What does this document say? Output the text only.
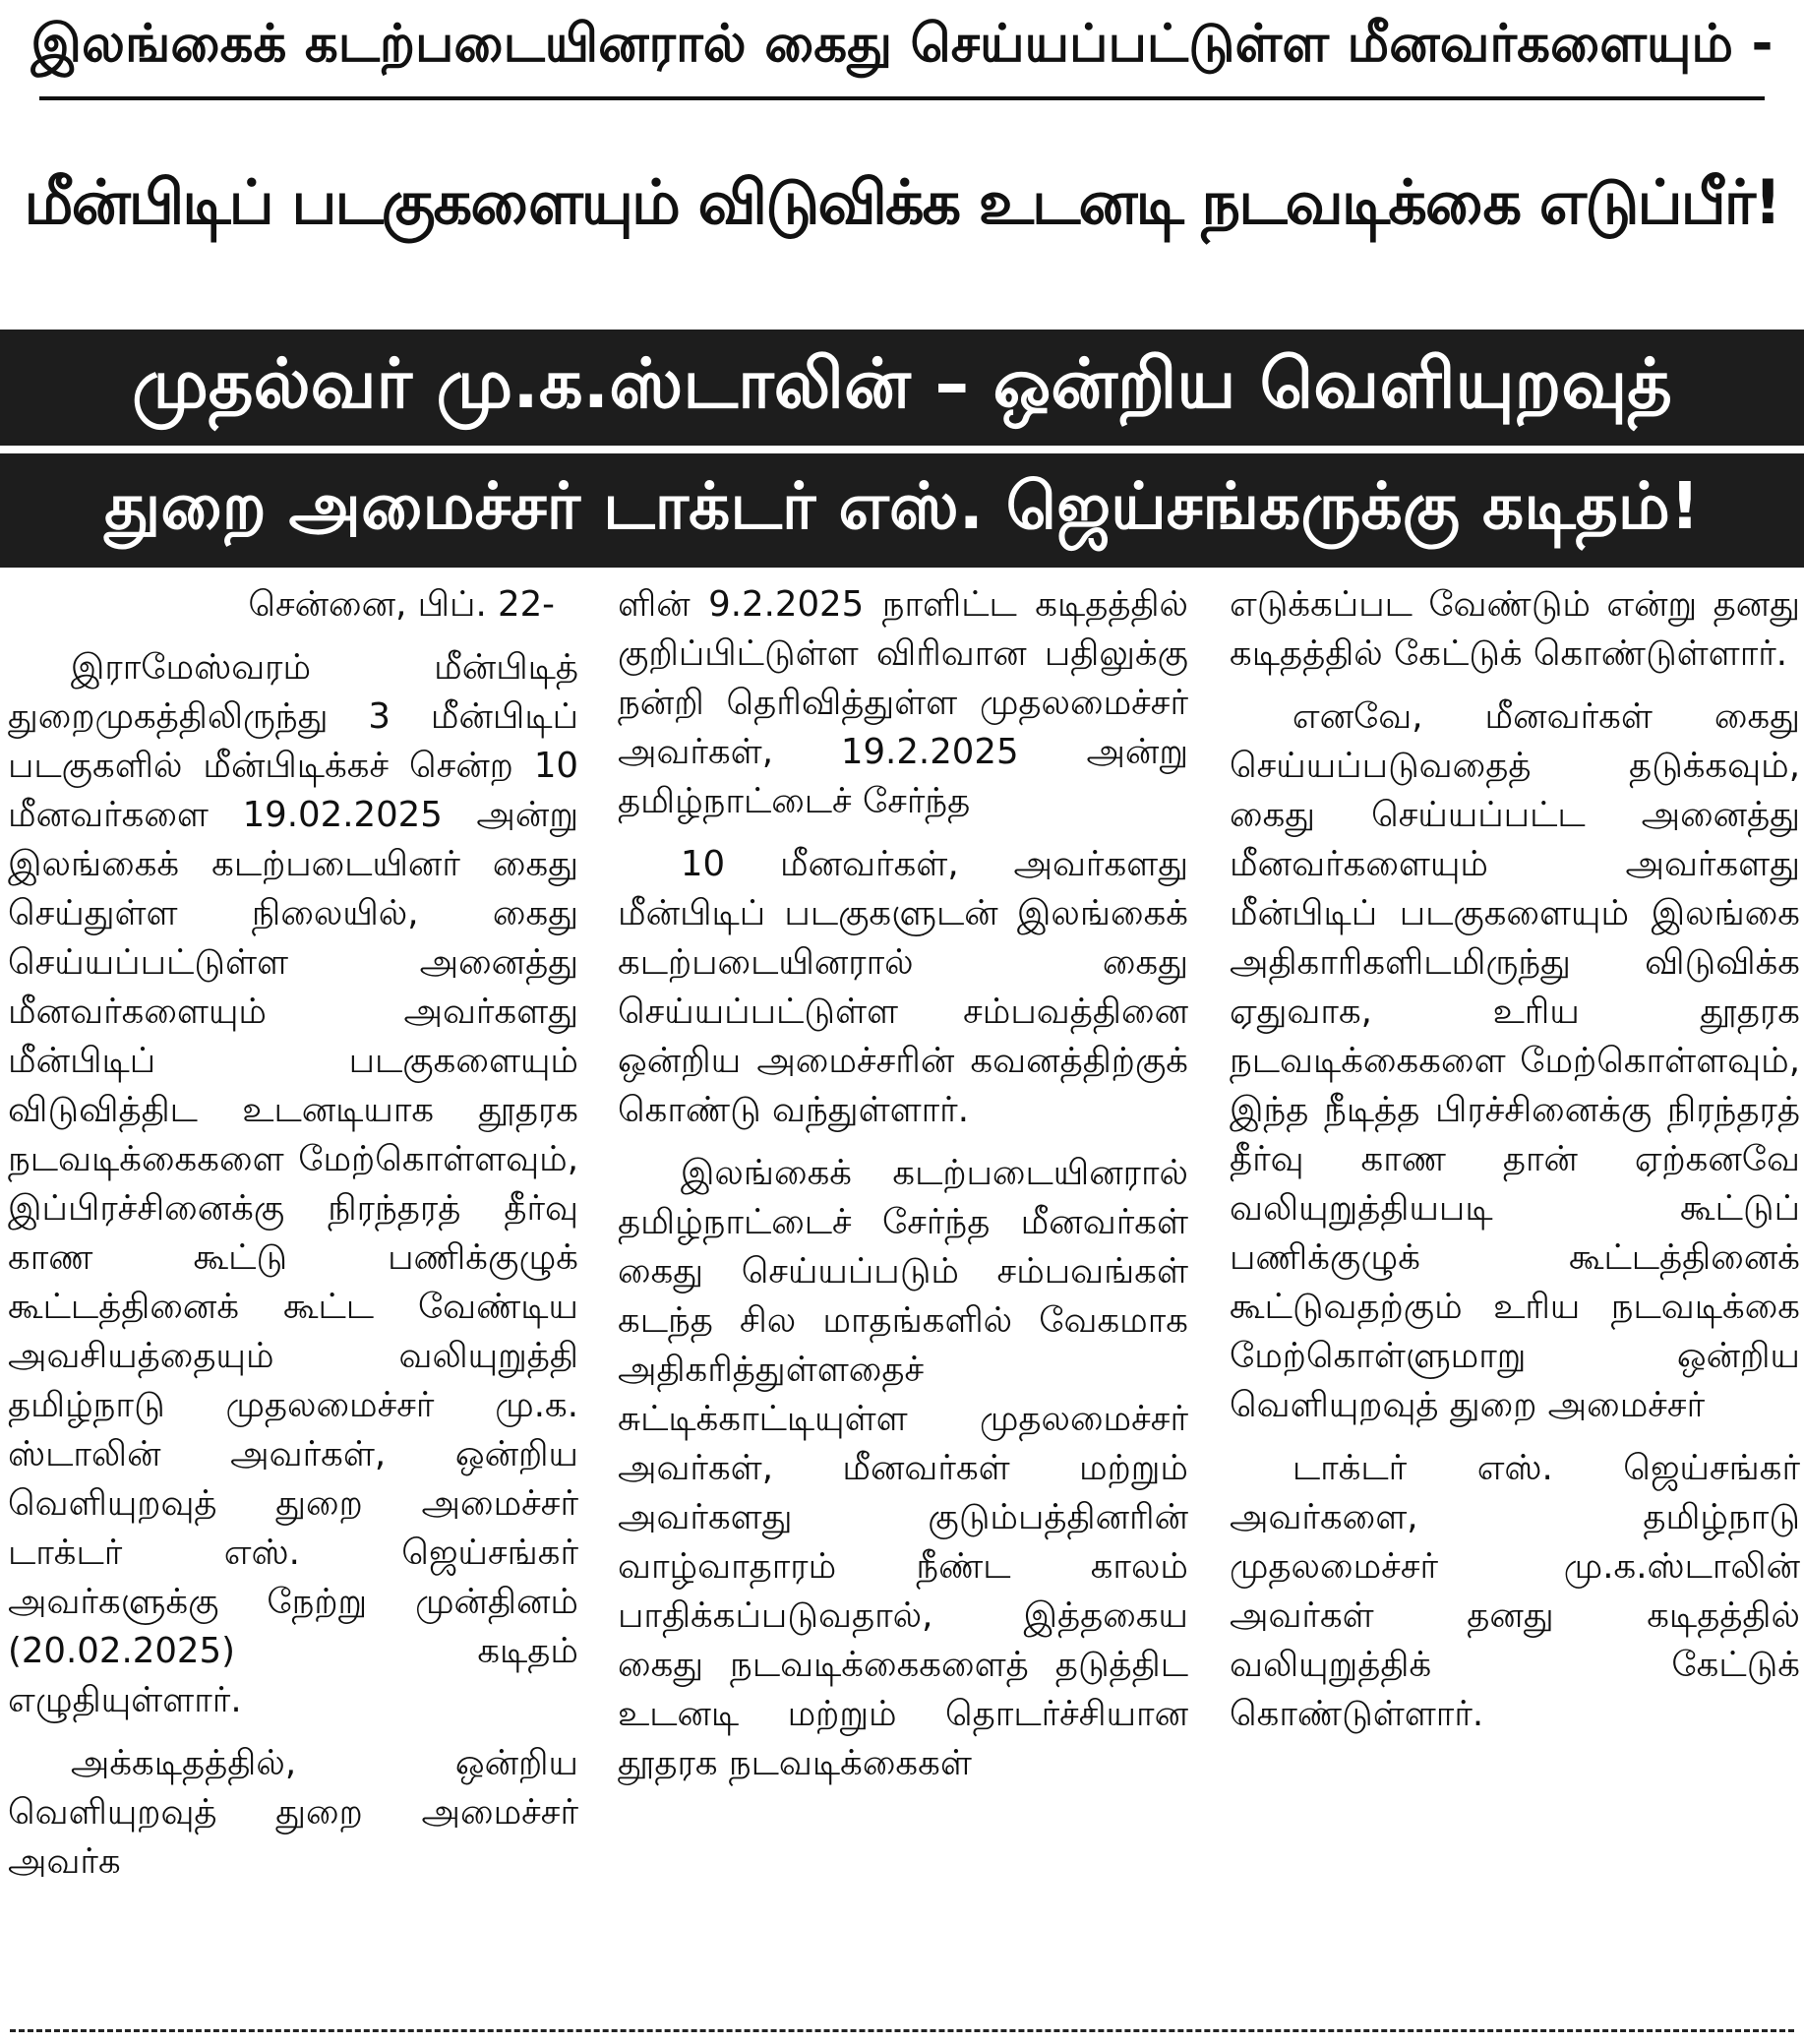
இலங்கைக் கடற்படையினரால் கைது செய்யப்பட்டுள்ள மீனவர்களையும் -
மீன்பிடிப் படகுகளையும் விடுவிக்க உடனடி நடவடிக்கை எடுப்பீர்!
முதல்வர் மு.க.ஸ்டாலின் – ஒன்றிய வெளியுறவுத்
துறை அமைச்சர் டாக்டர் எஸ். ஜெய்சங்கருக்கு கடிதம்!

சென்னை, பிப். 22-

இராமேஸ்வரம் மீன்பிடித் துறைமுகத்திலிருந்து 3 மீன்பிடிப் படகுகளில் மீன்பிடிக்கச் சென்ற 10 மீனவர்களை 19.02.2025 அன்று இலங்கைக் கடற்படையினர் கைது செய்துள்ள நிலையில், கைது செய்யப்பட்டுள்ள அனைத்து மீனவர்களையும் அவர்களது மீன்பிடிப் படகுகளையும் விடுவித்திட உடனடியாக தூதரக நடவடிக்கைகளை மேற்கொள்ளவும், இப்பிரச்சினைக்கு நிரந்தரத் தீர்வு காண கூட்டு பணிக்குழுக் கூட்டத்தினைக் கூட்ட வேண்டிய அவசியத்தையும் வலியுறுத்தி தமிழ்நாடு முதலமைச்சர் மு.க. ஸ்டாலின் அவர்கள், ஒன்றிய வெளியுறவுத் துறை அமைச்சர் டாக்டர் எஸ். ஜெய்சங்கர் அவர்களுக்கு நேற்று முன்தினம் (20.02.2025) கடிதம் எழுதியுள்ளார்.

அக்கடிதத்தில், ஒன்றிய வெளியுறவுத் துறை அமைச்சர் அவர்க

ளின் 9.2.2025 நாளிட்ட கடிதத்தில் குறிப்பிட்டுள்ள விரிவான பதிலுக்கு நன்றி தெரிவித்துள்ள முதலமைச்சர் அவர்கள், 19.2.2025 அன்று தமிழ்நாட்டைச் சேர்ந்த

10 மீனவர்கள், அவர்களது மீன்பிடிப் படகுகளுடன் இலங்கைக் கடற்படையினரால் கைது செய்யப்பட்டுள்ள சம்பவத்தினை ஒன்றிய அமைச்சரின் கவனத்திற்குக் கொண்டு வந்துள்ளார்.

இலங்கைக் கடற்படையினரால் தமிழ்நாட்டைச் சேர்ந்த மீனவர்கள் கைது செய்யப்படும் சம்பவங்கள் கடந்த சில மாதங்களில் வேகமாக அதிகரித்துள்ளதைச் சுட்டிக்காட்டியுள்ள முதலமைச்சர் அவர்கள், மீனவர்கள் மற்றும் அவர்களது குடும்பத்தினரின் வாழ்வாதாரம் நீண்ட காலம் பாதிக்கப்படுவதால், இத்தகைய கைது நடவடிக்கைகளைத் தடுத்திட உடனடி மற்றும் தொடர்ச்சியான தூதரக நடவடிக்கைகள்

எடுக்கப்பட வேண்டும் என்று தனது கடிதத்தில் கேட்டுக் கொண்டுள்ளார்.

எனவே, மீனவர்கள் கைது செய்யப்படுவதைத் தடுக்கவும், கைது செய்யப்பட்ட அனைத்து மீனவர்களையும் அவர்களது மீன்பிடிப் படகுகளையும் இலங்கை அதிகாரிகளிடமிருந்து விடுவிக்க ஏதுவாக, உரிய தூதரக நடவடிக்கைகளை மேற்கொள்ளவும், இந்த நீடித்த பிரச்சினைக்கு நிரந்தரத் தீர்வு காண தான் ஏற்கனவே வலியுறுத்தியபடி கூட்டுப் பணிக்குழுக் கூட்டத்தினைக் கூட்டுவதற்கும் உரிய நடவடிக்கை மேற்கொள்ளுமாறு ஒன்றிய வெளியுறவுத் துறை அமைச்சர்

டாக்டர் எஸ். ஜெய்சங்கர் அவர்களை, தமிழ்நாடு முதலமைச்சர் மு.க.ஸ்டாலின் அவர்கள் தனது கடிதத்தில் வலியுறுத்திக் கேட்டுக் கொண்டுள்ளார்.
